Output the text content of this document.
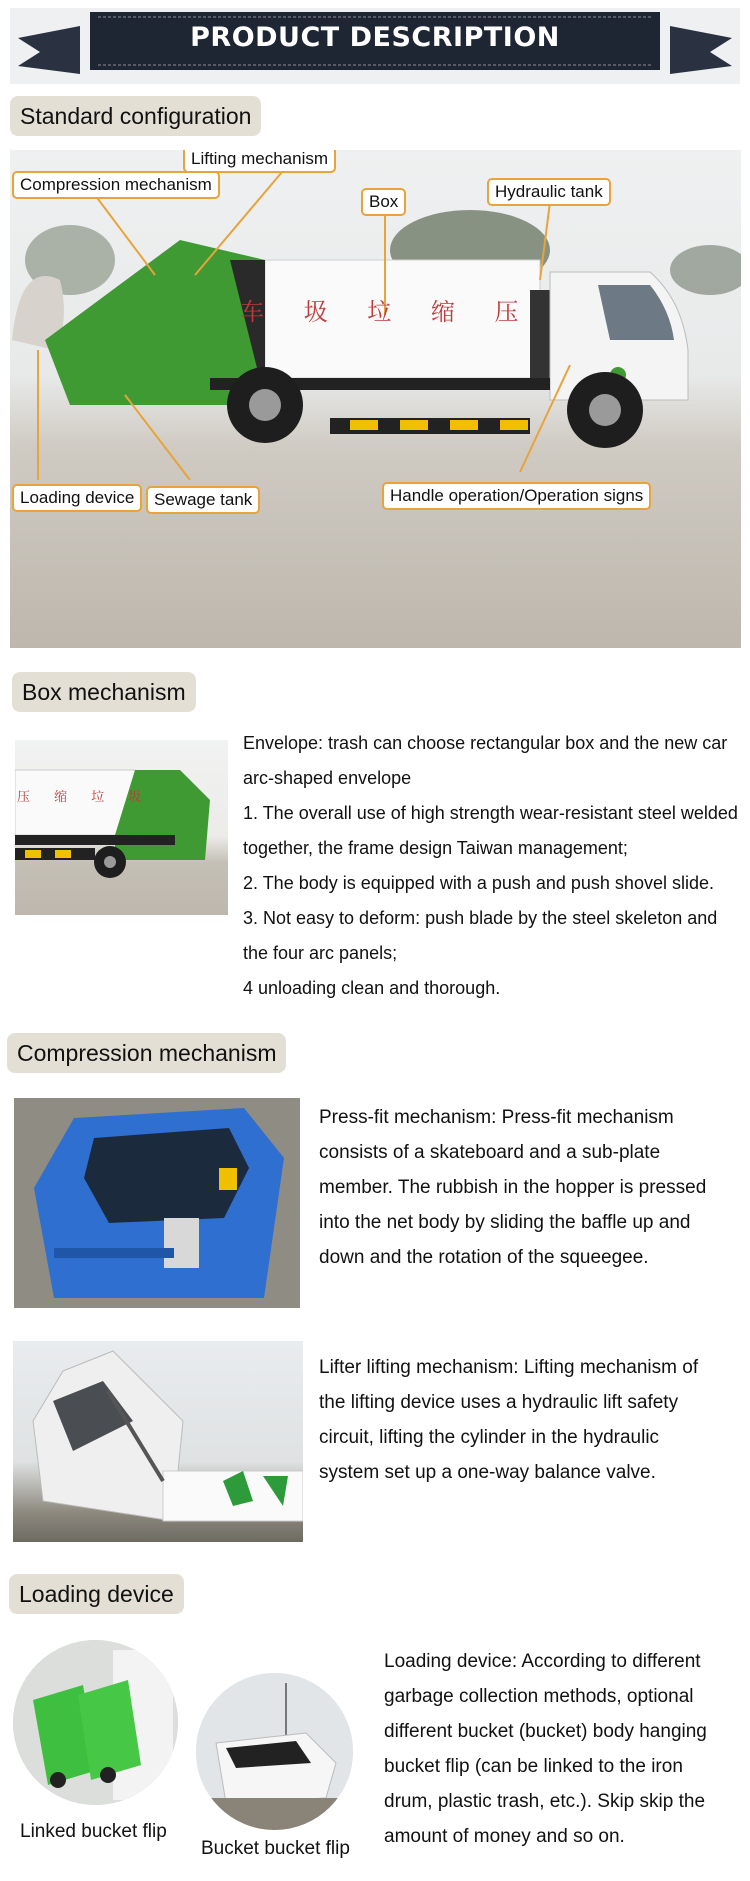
PRODUCT DESCRIPTION
Standard configuration
车 圾 垃 缩 压
Lifting mechanism
Compression mechanism
Box
Hydraulic tank
Loading device	Sewage tank	Handle operation/Operation signs
Box mechanism
压 缩 垃 圾

Envelope: trash can choose rectangular box and the new car

arc-shaped envelope

1. The overall use of high strength wear-resistant steel welded

together, the frame design Taiwan management;

2. The body is equipped with a push and push shovel slide.

3. Not easy to deform: push blade by the steel skeleton and

the four arc panels;

4 unloading clean and thorough.

Compression mechanism

Press-fit mechanism: Press-fit mechanism

consists of a skateboard and a sub-plate

member. The rubbish in the hopper is pressed

into the net body by sliding the baffle up and

down and the rotation of the squeegee.

Lifter lifting mechanism: Lifting mechanism of

the lifting device uses a hydraulic lift safety

circuit, lifting the cylinder in the hydraulic

system set up a one-way balance valve.

Loading device
Linked bucket flip
Bucket bucket flip

Loading device: According to different

garbage collection methods, optional

different bucket (bucket) body hanging

bucket flip (can be linked to the iron

drum, plastic trash, etc.). Skip skip the

amount of money and so on.
